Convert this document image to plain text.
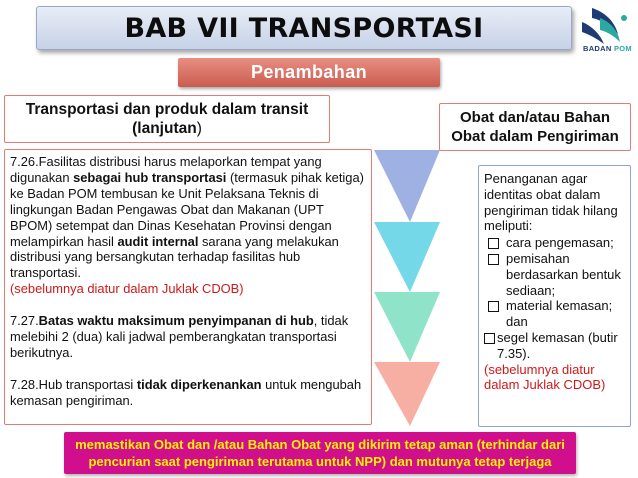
BAB VII TRANSPORTASI
BADAN POM
Penambahan
Transportasi dan produk dalam transit
(lanjutan)

7.26.Fasilitas distribusi harus melaporkan tempat yang digunakan sebagai hub transportasi (termasuk pihak ketiga) ke Badan POM tembusan ke Unit Pelaksana Teknis di lingkungan Badan Pengawas Obat dan Makanan (UPT BPOM) setempat dan Dinas Kesehatan Provinsi dengan melampirkan hasil audit internal sarana yang melakukan distribusi yang bersangkutan terhadap fasilitas hub transportasi.

(sebelumnya diatur dalam Juklak CDOB)

7.27.Batas waktu maksimum penyimpanan di hub, tidak melebihi 2 (dua) kali jadwal pemberangkatan transportasi berikutnya.

7.28.Hub transportasi tidak diperkenankan untuk mengubah kemasan pengiriman.

Obat dan/atau Bahan
Obat dalam Pengiriman
Penanganan agar identitas obat dalam pengiriman tidak hilang meliputi:
cara pengemasan;
pemisahan berdasarkan bentuk sediaan;
material kemasan; dan
segel kemasan (butir 7.35).
(sebelumnya diatur dalam Juklak CDOB)
memastikan Obat dan /atau Bahan Obat yang dikirim tetap aman (terhindar dari pencurian saat pengiriman terutama untuk NPP) dan mutunya tetap terjaga
